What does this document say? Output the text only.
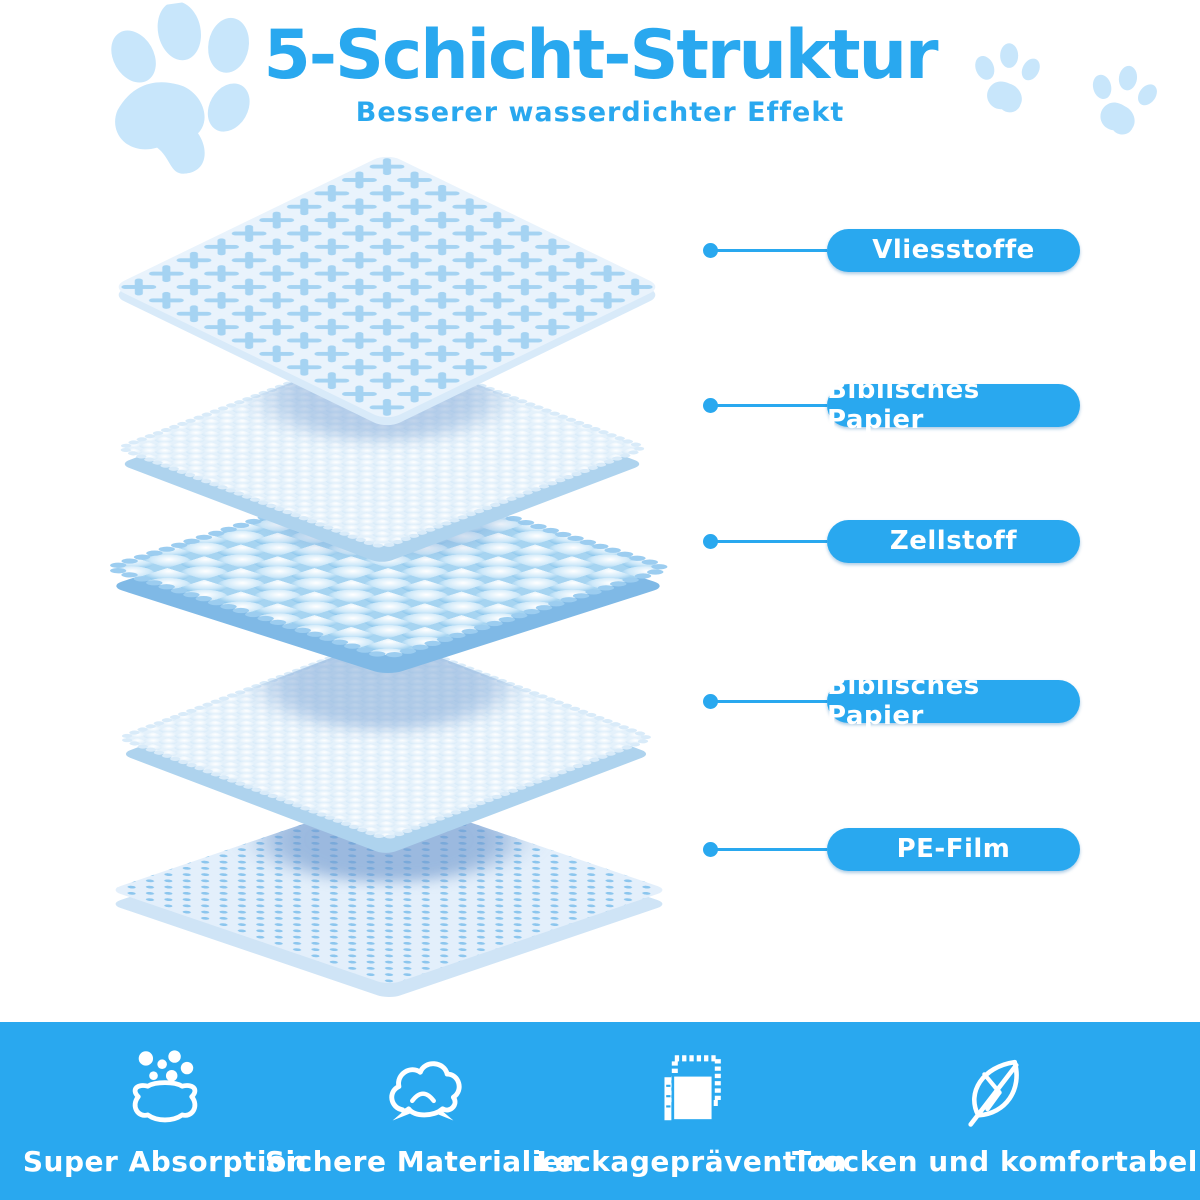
5-Schicht-Struktur
Besserer wasserdichter Effekt
Vliesstoffe
Biblisches Papier
Zellstoff
Biblisches Papier
PE-Film
Super Absorption
Sichere Materialien
Leckageprävention
Trocken und komfortabel
